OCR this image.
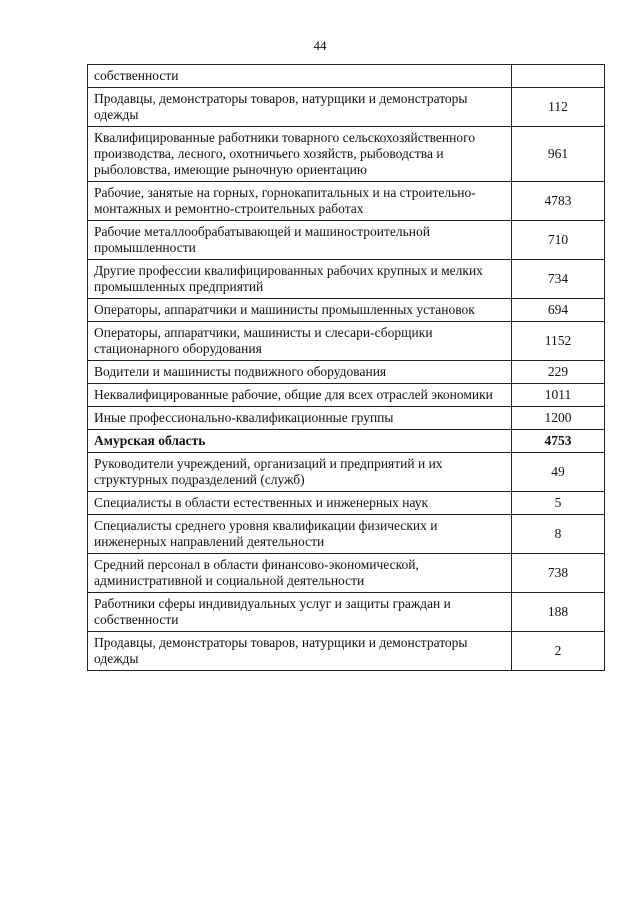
44
собственности	
Продавцы, демонстраторы товаров, натурщики и демонстраторы одежды	112
Квалифицированные работники товарного сельскохозяйственного производства, лесного, охотничьего хозяйств, рыбоводства и рыболовства, имеющие рыночную ориентацию	961
Рабочие, занятые на горных, горнокапитальных и на строительно-монтажных и ремонтно-строительных работах	4783
Рабочие металлообрабатывающей и машиностроительной промышленности	710
Другие профессии квалифицированных рабочих крупных и мелких промышленных предприятий	734
Операторы, аппаратчики и машинисты промышленных установок	694
Операторы, аппаратчики, машинисты и слесари-сборщики стационарного оборудования	1152
Водители и машинисты подвижного оборудования	229
Неквалифицированные рабочие, общие для всех отраслей экономики	1011
Иные профессионально-квалификационные группы	1200
Амурская область	4753
Руководители учреждений, организаций и предприятий и их структурных подразделений (служб)	49
Специалисты в области естественных и инженерных наук	5
Специалисты среднего уровня квалификации физических и инженерных направлений деятельности	8
Средний персонал в области финансово-экономической, административной и социальной деятельности	738
Работники сферы индивидуальных услуг и защиты граждан и собственности	188
Продавцы, демонстраторы товаров, натурщики и демонстраторы одежды	2
